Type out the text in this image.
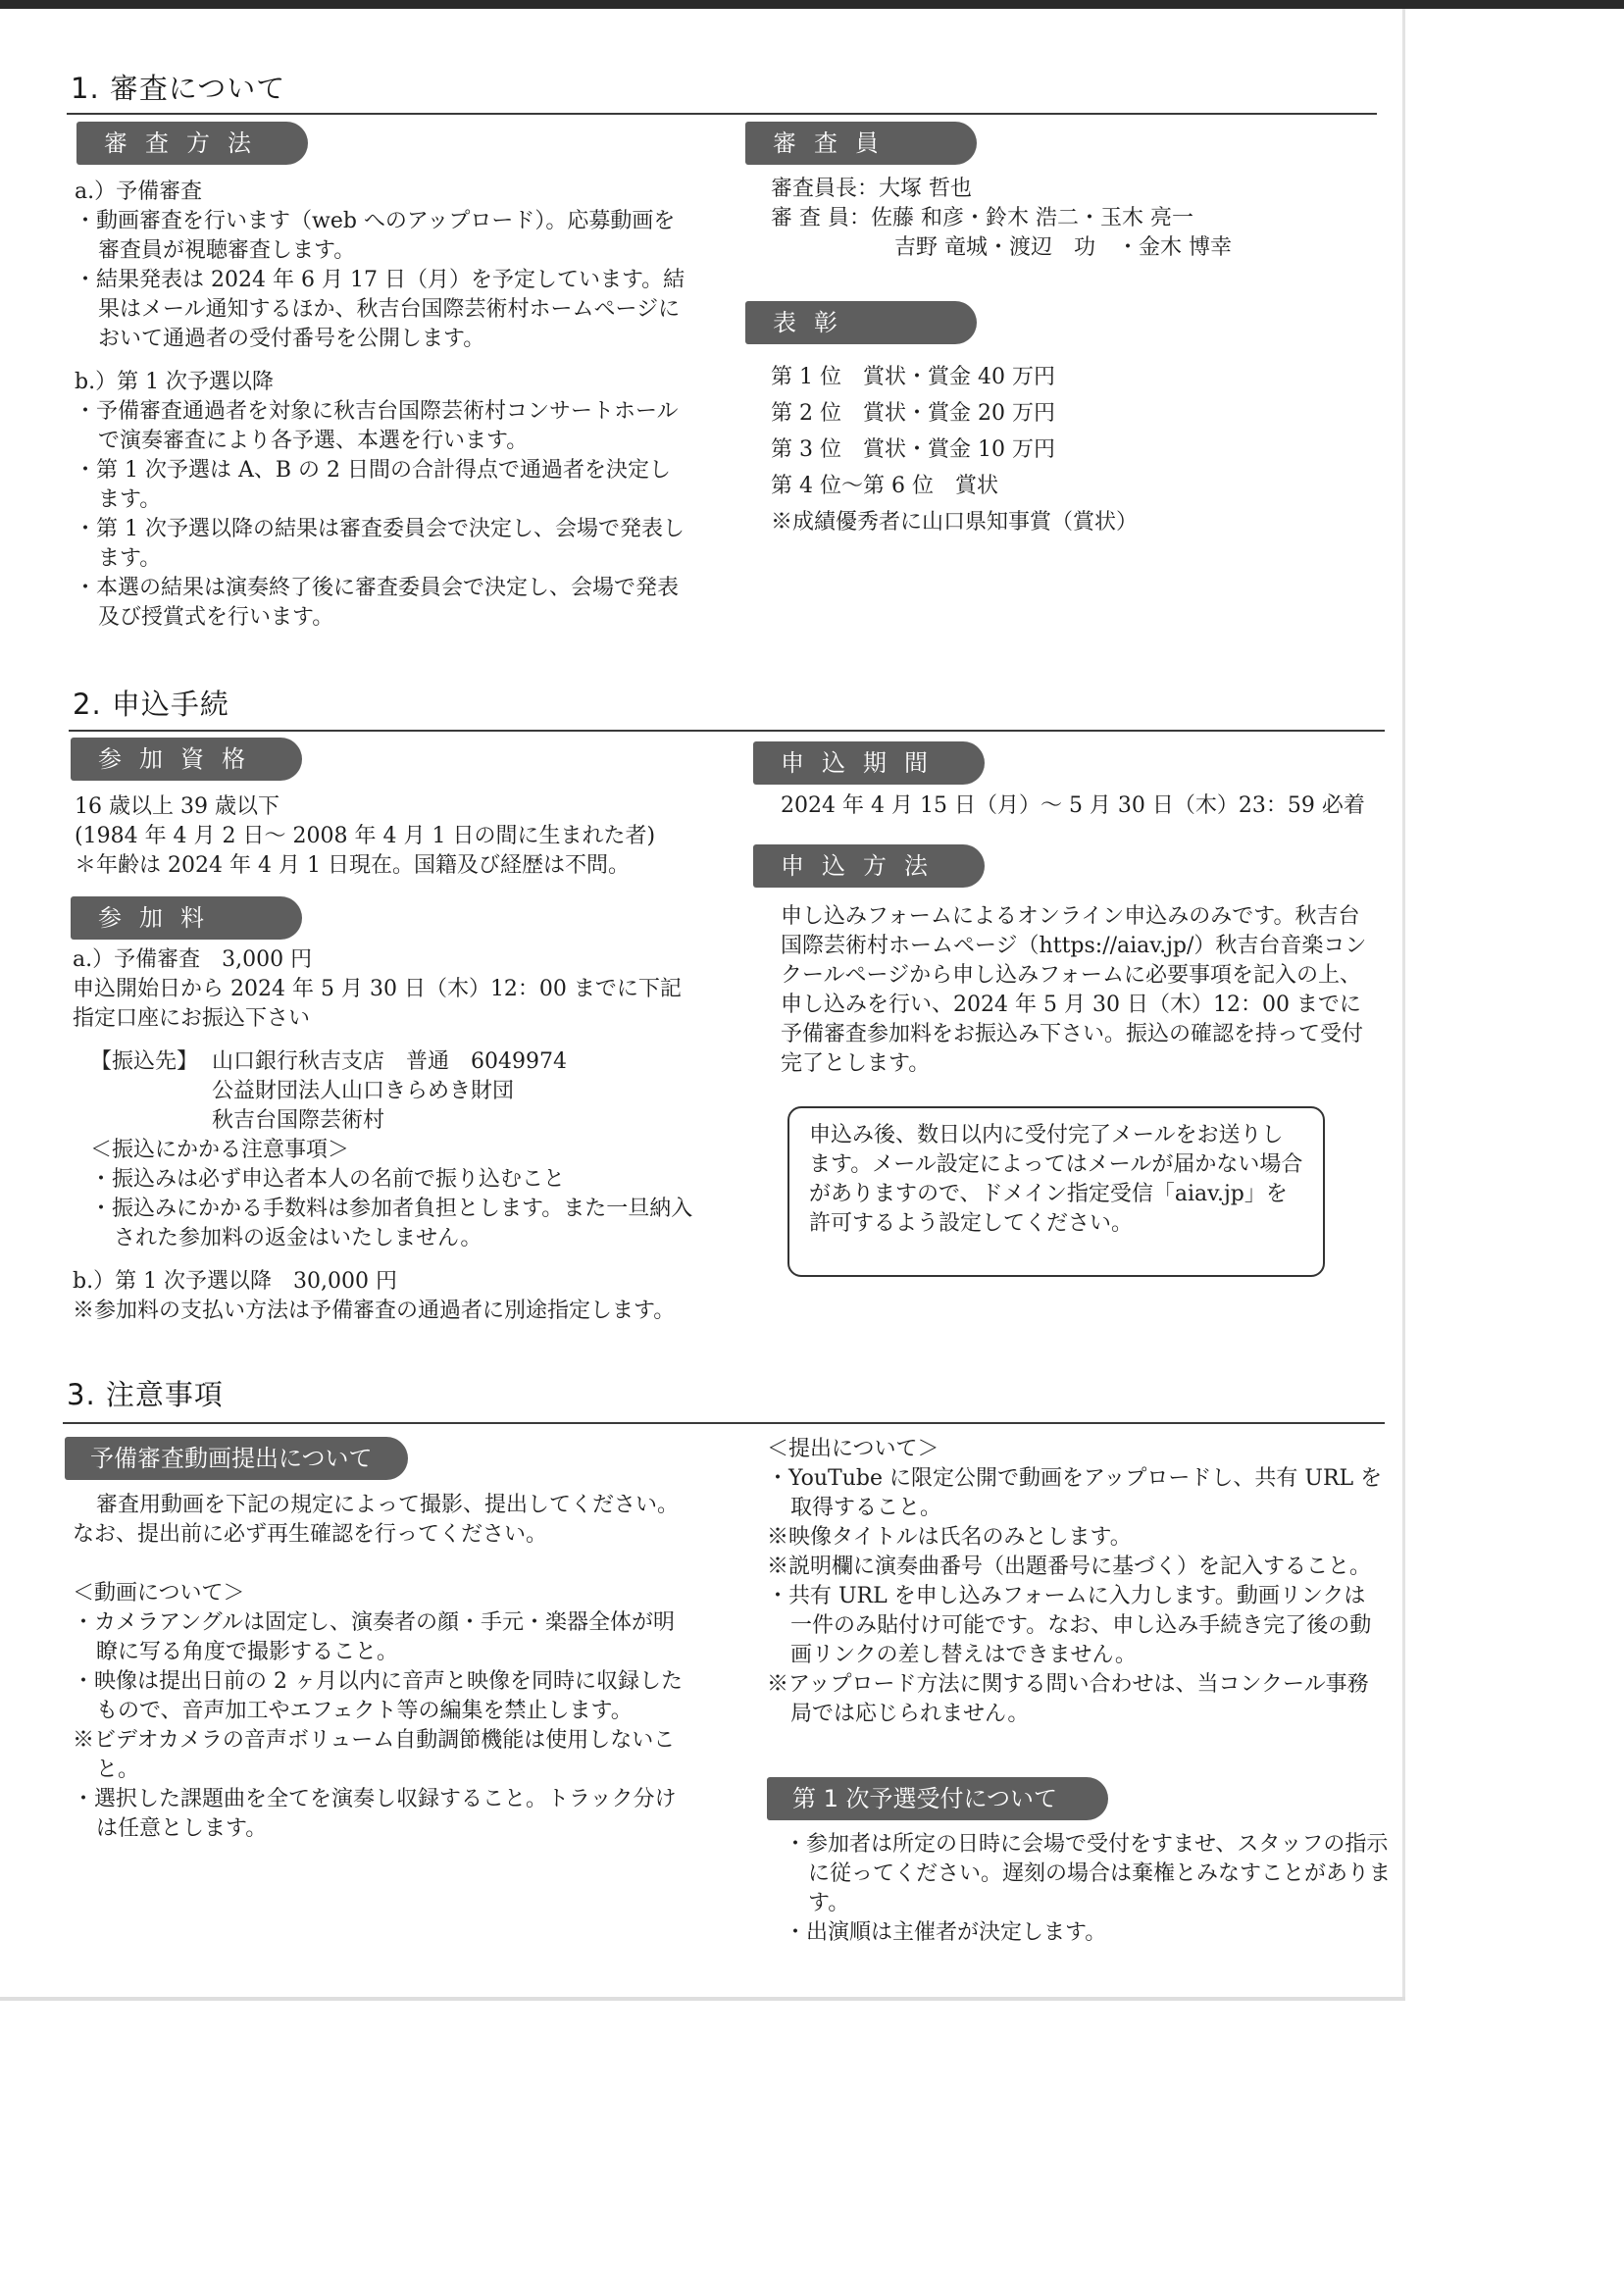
1. 審査について
審査方法

a.）予備審査

・動画審査を行います（web へのアップロード）。応募動画を審査員が視聴審査します。
・結果発表は 2024 年 6 月 17 日（月）を予定しています。結果はメール通知するほか、秋吉台国際芸術村ホームページにおいて通過者の受付番号を公開します。

b.）第 1 次予選以降

・予備審査通過者を対象に秋吉台国際芸術村コンサートホールで演奏審査により各予選、本選を行います。
・第 1 次予選は A、B の 2 日間の合計得点で通過者を決定します。
・第 1 次予選以降の結果は審査委員会で決定し、会場で発表します。
・本選の結果は演奏終了後に審査委員会で決定し、会場で発表及び授賞式を行います。
審査員

審査員長：大塚 哲也

審 査 員：佐藤 和彦・鈴木 浩二・玉木 亮一

吉野 竜城・渡辺　功　・金木 博幸

表彰

第 1 位　賞状・賞金 40 万円

第 2 位　賞状・賞金 20 万円

第 3 位　賞状・賞金 10 万円

第 4 位〜第 6 位　賞状

※成績優秀者に山口県知事賞（賞状）

2. 申込手続
参加資格

16 歳以上 39 歳以下

(1984 年 4 月 2 日〜 2008 年 4 月 1 日の間に生まれた者)

＊年齢は 2024 年 4 月 1 日現在。国籍及び経歴は不問。

参加料

a.）予備審査　3,000 円

申込開始日から 2024 年 5 月 30 日（木）12：00 までに下記指定口座にお振込下さい

【振込先】	山口銀行秋吉支店　普通　6049974
公益財団法人山口きらめき財団
秋吉台国際芸術村

＜振込にかかる注意事項＞

・振込みは必ず申込者本人の名前で振り込むこと
・振込みにかかる手数料は参加者負担とします。また一旦納入された参加料の返金はいたしません。

b.）第 1 次予選以降　30,000 円

※参加料の支払い方法は予備審査の通過者に別途指定します。

申込期間
2024 年 4 月 15 日（月）〜 5 月 30 日（木）23：59 必着
申込方法
申し込みフォームによるオンライン申込みのみです。秋吉台国際芸術村ホームページ（https://aiav.jp/）秋吉台音楽コンクールページから申し込みフォームに必要事項を記入の上、申し込みを行い、2024 年 5 月 30 日（木）12：00 までに予備審査参加料をお振込み下さい。振込の確認を持って受付完了とします。

申込み後、数日以内に受付完了メールをお送りします。メール設定によってはメールが届かない場合がありますので、ドメイン指定受信「aiav.jp」を許可するよう設定してください。

3. 注意事項
予備審査動画提出について

審査用動画を下記の規定によって撮影、提出してください。なお、提出前に必ず再生確認を行ってください。

＜動画について＞

・カメラアングルは固定し、演奏者の顔・手元・楽器全体が明瞭に写る角度で撮影すること。
・映像は提出日前の 2 ヶ月以内に音声と映像を同時に収録したもので、音声加工やエフェクト等の編集を禁止します。
※ビデオカメラの音声ボリューム自動調節機能は使用しないこと。
・選択した課題曲を全てを演奏し収録すること。トラック分けは任意とします。

＜提出について＞

・YouTube に限定公開で動画をアップロードし、共有 URL を取得すること。
※映像タイトルは氏名のみとします。
※説明欄に演奏曲番号（出題番号に基づく）を記入すること。
・共有 URL を申し込みフォームに入力します。動画リンクは一件のみ貼付け可能です。なお、申し込み手続き完了後の動画リンクの差し替えはできません。
※アップロード方法に関する問い合わせは、当コンクール事務局では応じられません。
第 1 次予選受付について
・参加者は所定の日時に会場で受付をすませ、スタッフの指示に従ってください。遅刻の場合は棄権とみなすことがあります。
・出演順は主催者が決定します。
